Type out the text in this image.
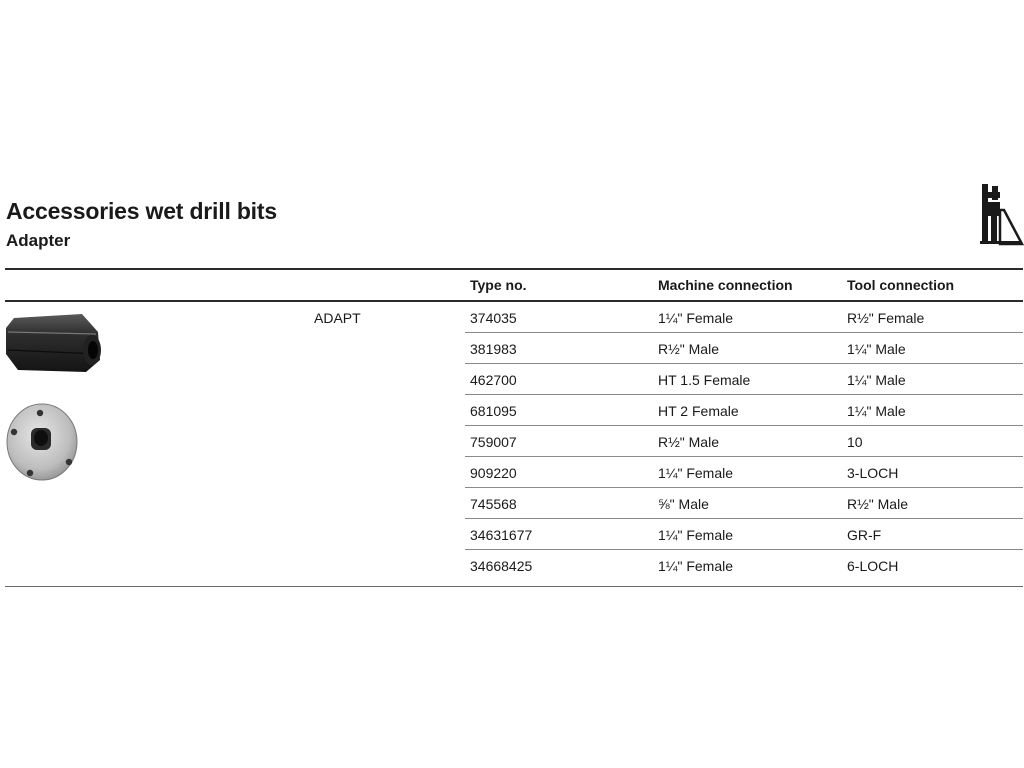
Accessories wet drill bits
Adapter
Type no.	Machine connection	Tool connection
ADAPT	374035	1¼" Female	R½" Female
381983	R½" Male	1¼" Male
462700	HT 1.5 Female	1¼" Male
681095	HT 2 Female	1¼" Male
759007	R½" Male	10
909220	1¼" Female	3-LOCH
745568	⅝" Male	R½" Male
34631677	1¼" Female	GR-F
34668425	1¼" Female	6-LOCH
